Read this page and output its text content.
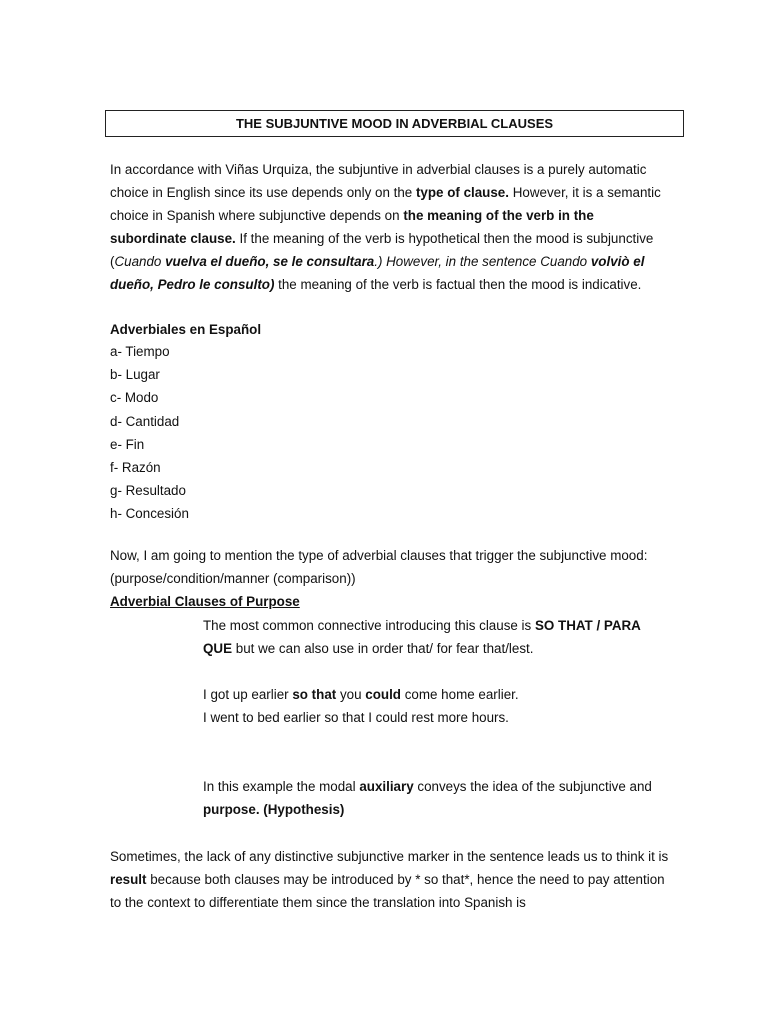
THE SUBJUNTIVE MOOD IN ADVERBIAL CLAUSES

In accordance with Viñas Urquiza, the subjuntive in adverbial clauses is a purely automatic choice in English since its use depends only on the type of clause. However, it is a semantic choice in Spanish where subjunctive depends on the meaning of the verb in the subordinate clause. If the meaning of the verb is hypothetical then the mood is subjunctive (Cuando vuelva el dueño, se le consultara.) However, in the sentence Cuando volviò el dueño, Pedro le consulto) the meaning of the verb is factual then the mood is indicative.

Adverbiales en Español

a- Tiempo
b- Lugar
c- Modo
d- Cantidad
e- Fin
f- Razón
g- Resultado
h- Concesión

Now, I am going to mention the type of adverbial clauses that trigger the subjunctive mood: (purpose/condition/manner (comparison))

Adverbial Clauses of Purpose

The most common connective introducing this clause is SO THAT / PARA QUE but we can also use in order that/ for fear that/lest.

I got up earlier so that you could come home earlier.

I went to bed earlier so that I could rest more hours.

In this example the modal auxiliary conveys the idea of the subjunctive and purpose. (Hypothesis)

Sometimes, the lack of any distinctive subjunctive marker in the sentence leads us to think it is result because both clauses may be introduced by * so that*, hence the need to pay attention to the context to differentiate them since the translation into Spanish is
